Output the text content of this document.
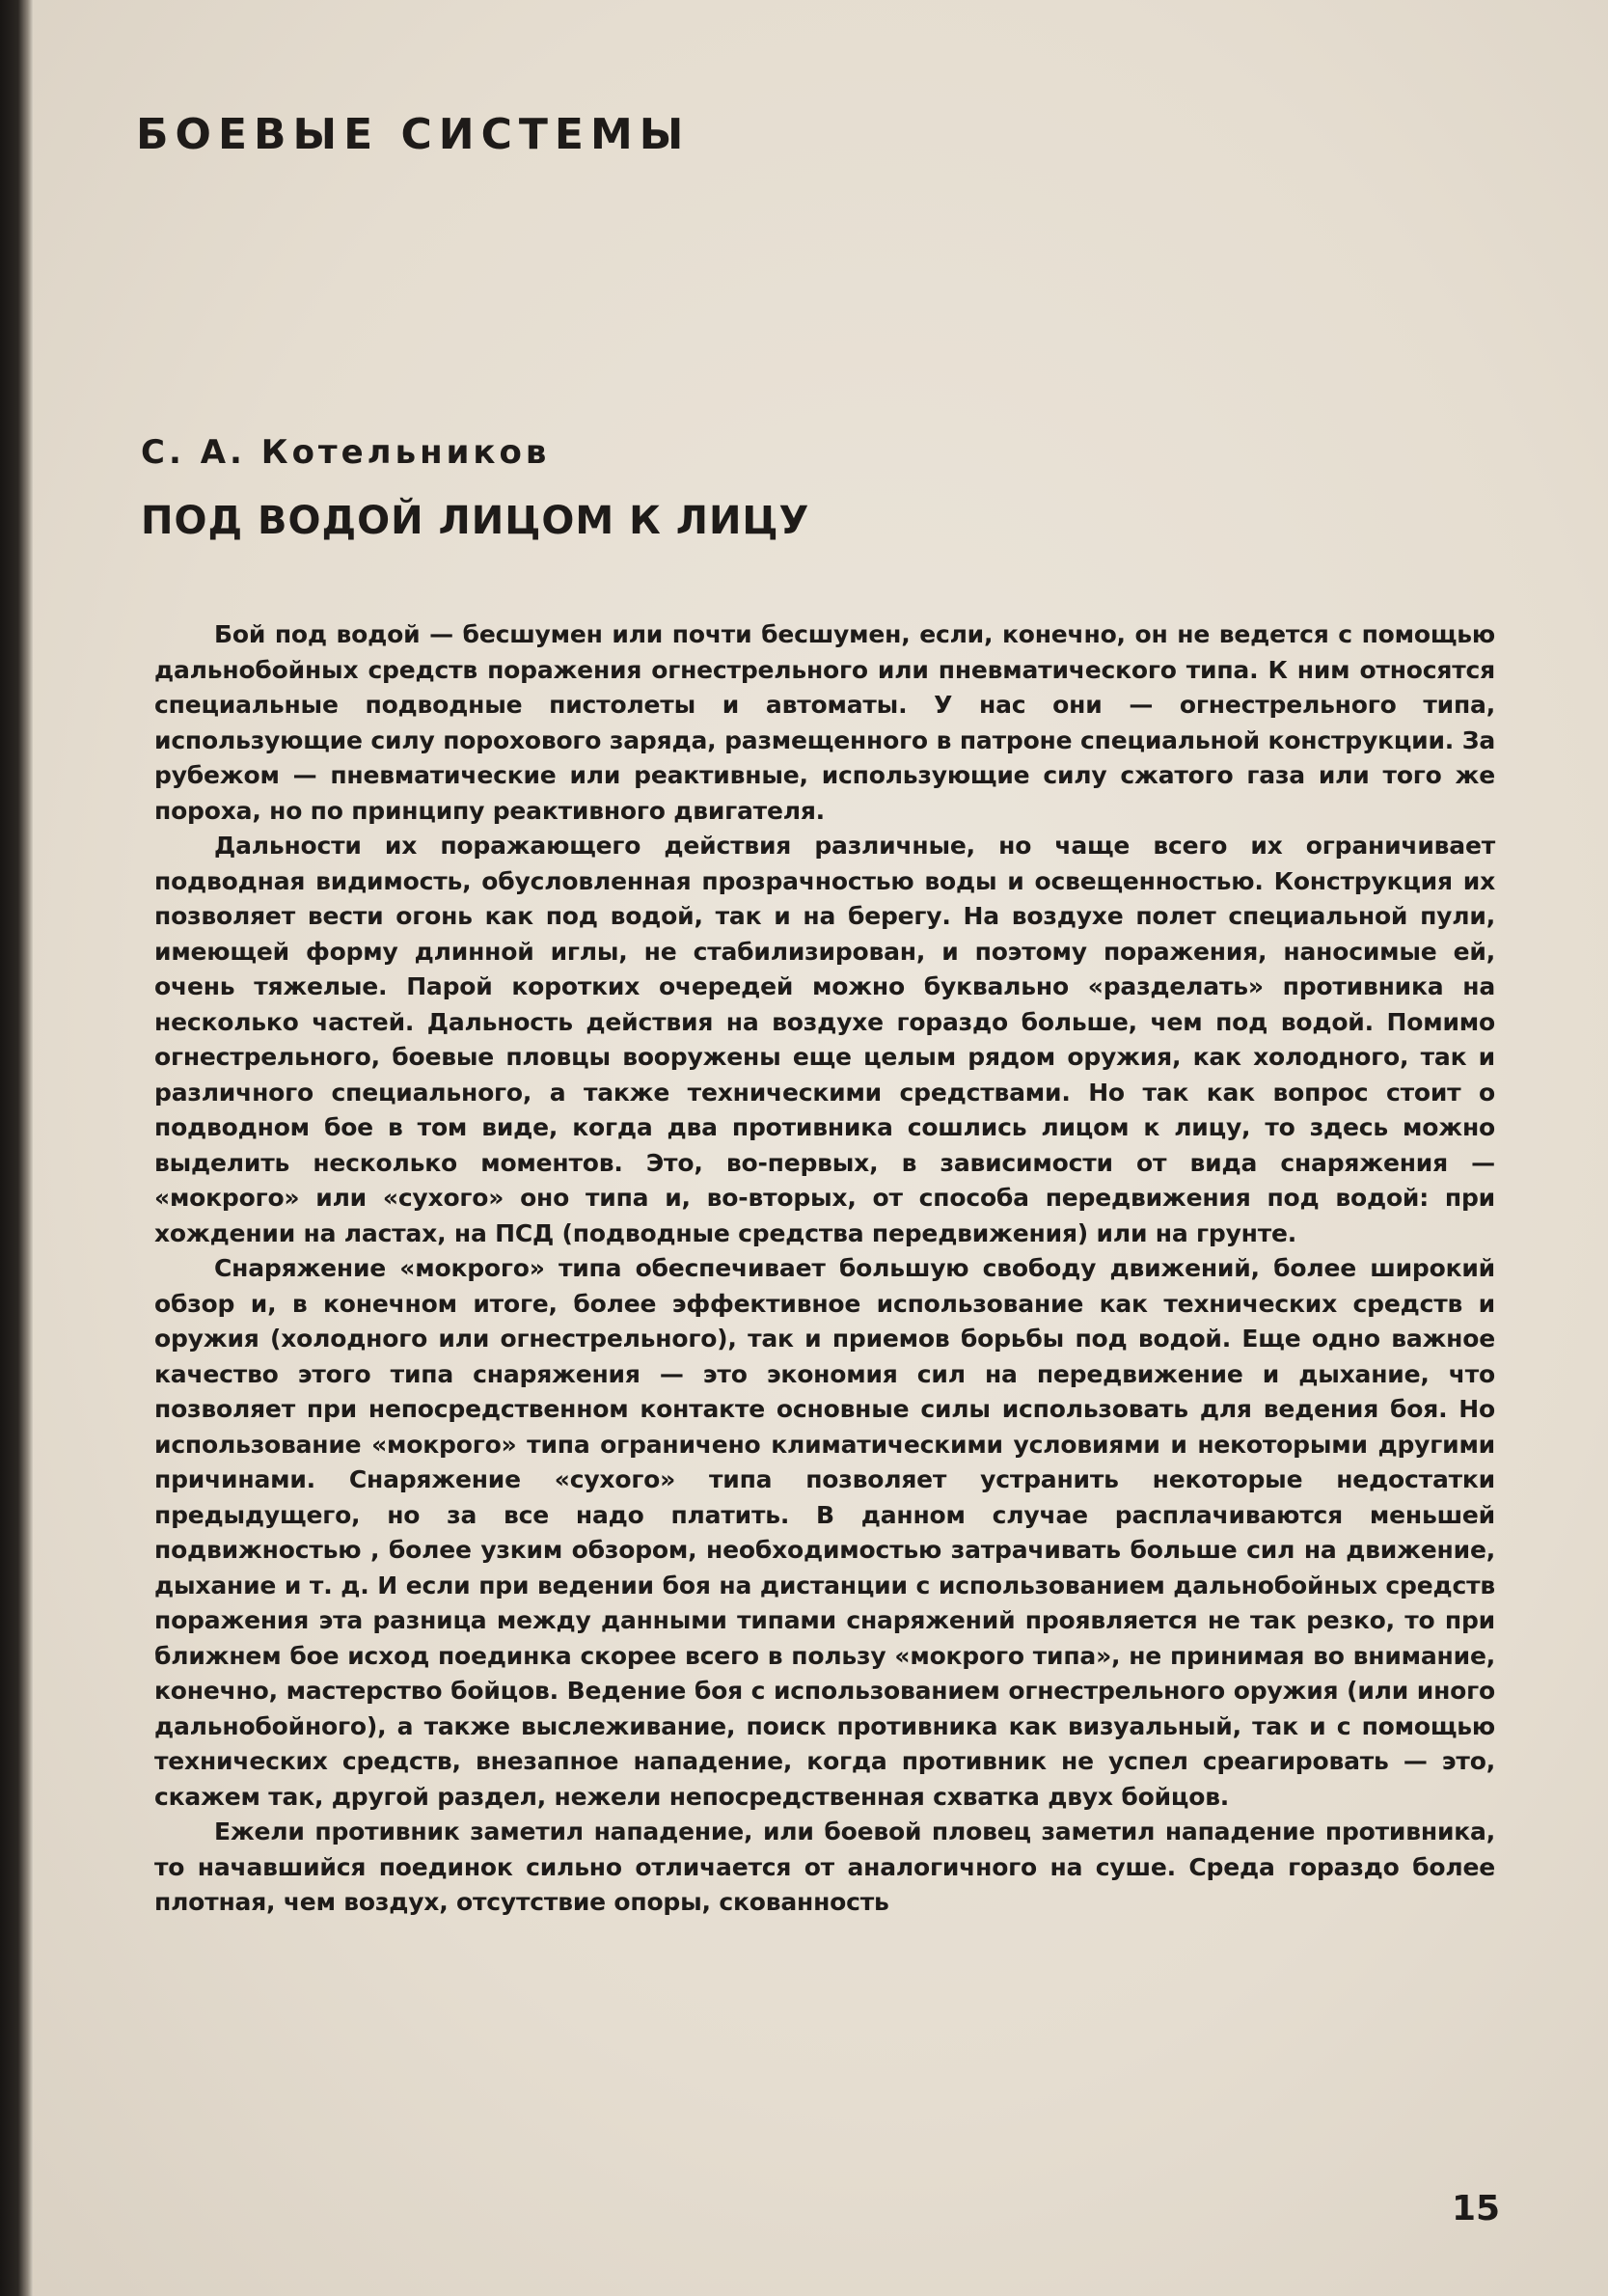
БОЕВЫЕ СИСТЕМЫ
С. А. Котельников
ПОД ВОДОЙ ЛИЦОМ К ЛИЦУ

Бой под водой — бесшумен или почти бесшумен, если, конечно, он не ведется с помощью дальнобойных средств поражения огнестрельного или пневматического типа. К ним относятся специальные подводные пистолеты и автоматы. У нас они — огнестрельного типа, использующие силу порохового заряда, размещенного в патроне специальной конструкции. За рубежом — пневматические или реактивные, использующие силу сжатого газа или того же пороха, но по принципу реактивного двигателя.

Дальности их поражающего действия различные, но чаще всего их ограничивает подводная видимость, обусловленная прозрачностью воды и освещенностью. Конструкция их позволяет вести огонь как под водой, так и на берегу. На воздухе полет специальной пули, имеющей форму длинной иглы, не стабилизирован, и поэтому поражения, наносимые ей, очень тяжелые. Парой коротких очередей можно буквально «разделать» противника на несколько частей. Дальность действия на воздухе гораздо больше, чем под водой. Помимо огнестрельного, боевые пловцы вооружены еще целым рядом оружия, как холодного, так и различного специального, а также техническими средствами. Но так как вопрос стоит о подводном бое в том виде, когда два противника сошлись лицом к лицу, то здесь можно выделить несколько моментов. Это, во-первых, в зависимости от вида снаряжения — «мокрого» или «сухого» оно типа и, во-вторых, от способа передвижения под водой: при хождении на ластах, на ПСД (подводные средства передвижения) или на грунте.

Снаряжение «мокрого» типа обеспечивает большую свободу движений, более широкий обзор и, в конечном итоге, более эффективное использование как технических средств и оружия (холодного или огнестрельного), так и приемов борьбы под водой. Еще одно важное качество этого типа снаряжения — это экономия сил на передвижение и дыхание, что позволяет при непосредственном контакте основные силы использовать для ведения боя. Но использование «мокрого» типа ограничено климатическими условиями и некоторыми другими причинами. Снаряжение «сухого» типа позволяет устранить некоторые недостатки предыдущего, но за все надо платить. В данном случае расплачиваются меньшей подвижностью , более узким обзором, необходимостью затрачивать больше сил на движение, дыхание и т. д. И если при ведении боя на дистанции с использованием дальнобойных средств поражения эта разница между данными типами снаряжений проявляется не так резко, то при ближнем бое исход поединка скорее всего в пользу «мокрого типа», не принимая во внимание, конечно, мастерство бойцов. Ведение боя с использованием огнестрельного оружия (или иного дальнобойного), а также выслеживание, поиск противника как визуальный, так и с помощью технических средств, внезапное нападение, когда противник не успел среагировать — это, скажем так, другой раздел, нежели непосредственная схватка двух бойцов.

Ежели противник заметил нападение, или боевой пловец заметил нападение противника, то начавшийся поединок сильно отличается от аналогичного на суше. Среда гораздо более плотная, чем воздух, отсутствие опоры, скованность

15
